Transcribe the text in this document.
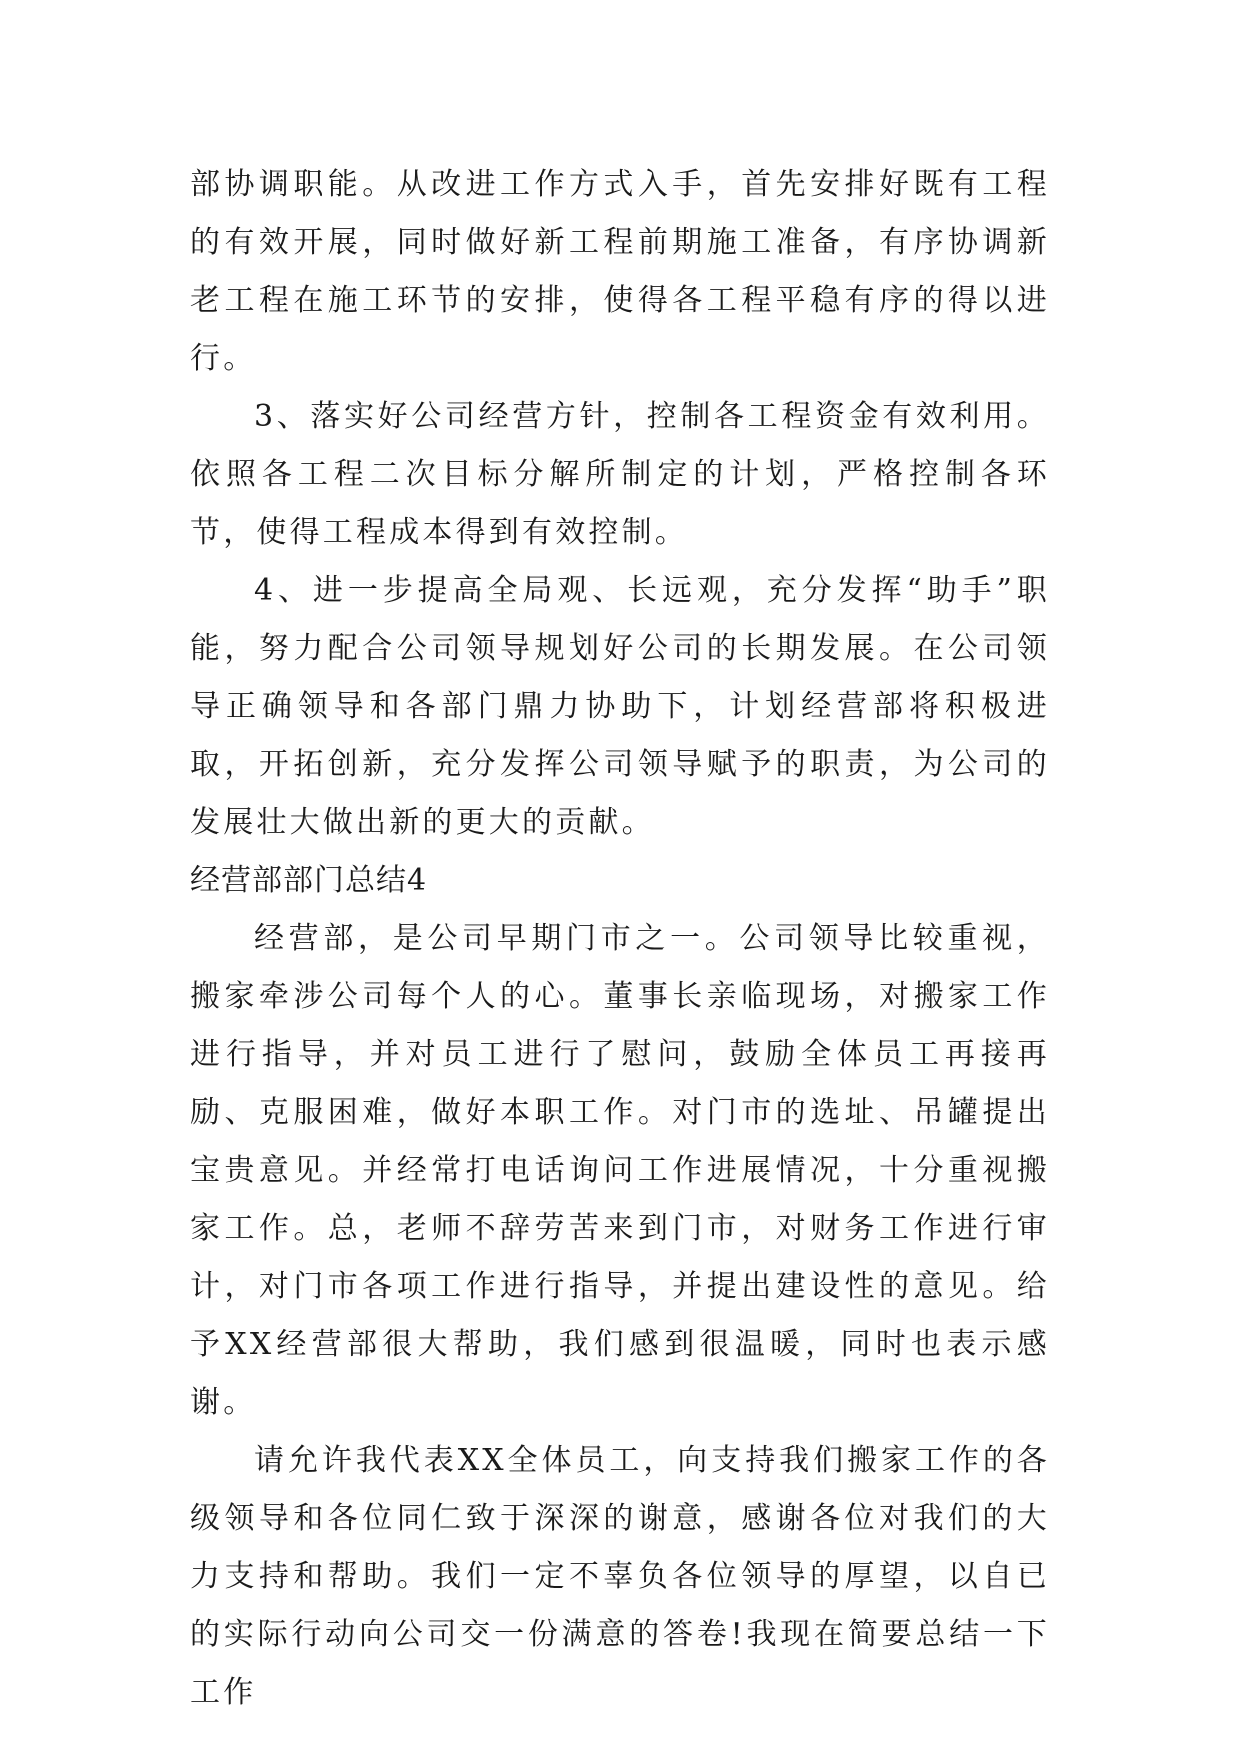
部协调职能。从改进工作方式入手，首先安排好既有工程的有效开展，同时做好新工程前期施工准备，有序协调新老工程在施工环节的安排，使得各工程平稳有序的得以进行。

3、落实好公司经营方针，控制各工程资金有效利用。依照各工程二次目标分解所制定的计划，严格控制各环节，使得工程成本得到有效控制。

4、进一步提高全局观、长远观，充分发挥“助手”职能，努力配合公司领导规划好公司的长期发展。在公司领导正确领导和各部门鼎力协助下，计划经营部将积极进取，开拓创新，充分发挥公司领导赋予的职责，为公司的发展壮大做出新的更大的贡献。

经营部部门总结4

经营部，是公司早期门市之一。公司领导比较重视，搬家牵涉公司每个人的心。董事长亲临现场，对搬家工作进行指导，并对员工进行了慰问，鼓励全体员工再接再励、克服困难，做好本职工作。对门市的选址、吊罐提出宝贵意见。并经常打电话询问工作进展情况，十分重视搬家工作。总，老师不辞劳苦来到门市，对财务工作进行审计，对门市各项工作进行指导，并提出建设性的意见。给予XX经营部很大帮助，我们感到很温暖，同时也表示感谢。

请允许我代表XX全体员工，向支持我们搬家工作的各级领导和各位同仁致于深深的谢意，感谢各位对我们的大力支持和帮助。我们一定不辜负各位领导的厚望，以自已的实际行动向公司交一份满意的答卷!我现在简要总结一下工作
